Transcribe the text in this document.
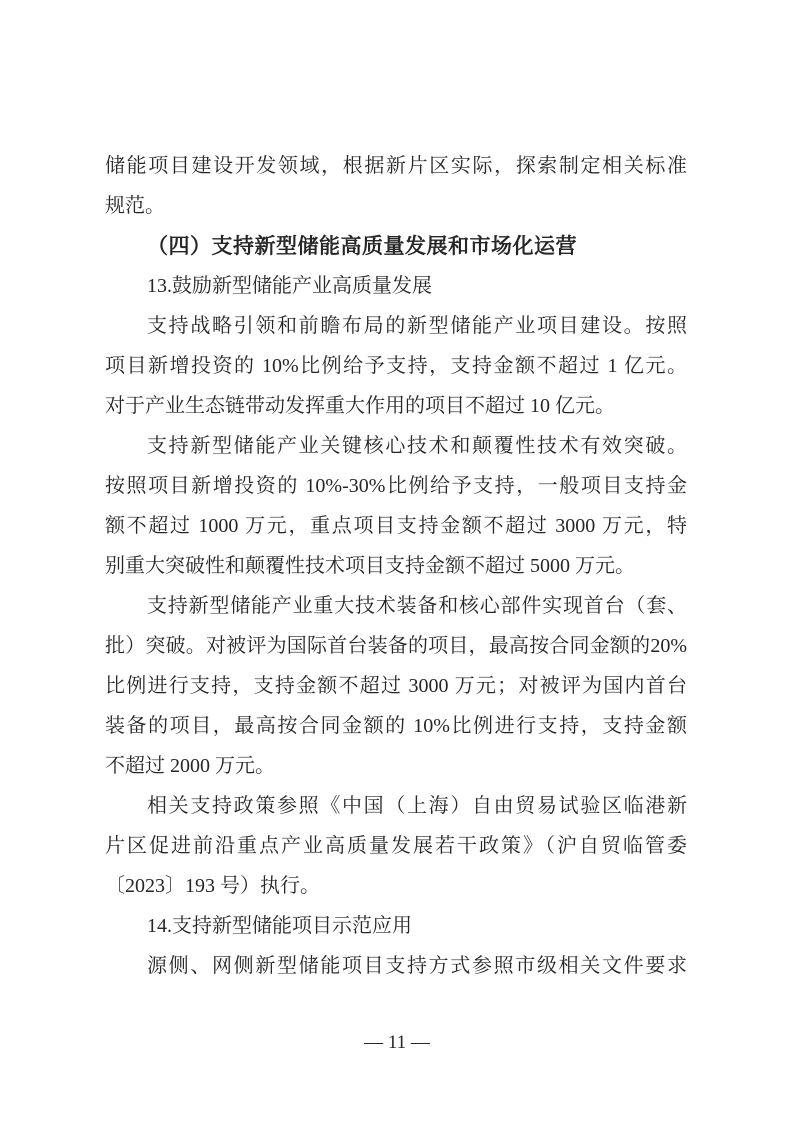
储能项目建设开发领域，根据新片区实际，探索制定相关标准
规范。
（四）支持新型储能高质量发展和市场化运营
13.鼓励新型储能产业高质量发展
支持战略引领和前瞻布局的新型储能产业项目建设。按照
项目新增投资的 10%比例给予支持，支持金额不超过 1 亿元。
对于产业生态链带动发挥重大作用的项目不超过 10 亿元。
支持新型储能产业关键核心技术和颠覆性技术有效突破。
按照项目新增投资的 10%-30%比例给予支持，一般项目支持金
额不超过 1000 万元，重点项目支持金额不超过 3000 万元，特
别重大突破性和颠覆性技术项目支持金额不超过 5000 万元。
支持新型储能产业重大技术装备和核心部件实现首台（套、
批）突破。对被评为国际首台装备的项目，最高按合同金额的20%
比例进行支持，支持金额不超过 3000 万元；对被评为国内首台
装备的项目，最高按合同金额的 10%比例进行支持，支持金额
不超过 2000 万元。
相关支持政策参照《中国（上海）自由贸易试验区临港新
片区促进前沿重点产业高质量发展若干政策》（沪自贸临管委
〔2023〕193 号）执行。
14.支持新型储能项目示范应用
源侧、网侧新型储能项目支持方式参照市级相关文件要求
— 11 —
